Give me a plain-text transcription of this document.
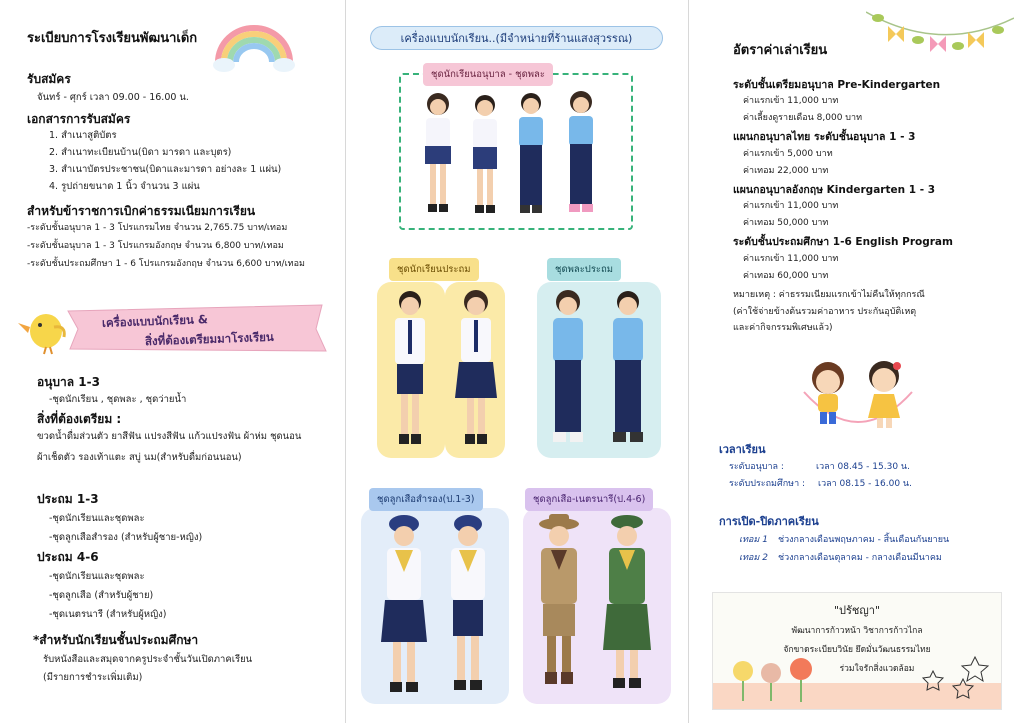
ระเบียบการโรงเรียนพัฒนาเด็ก
รับสมัคร
จันทร์ - ศุกร์ เวลา 09.00 - 16.00 น.
เอกสารการรับสมัคร
1. สำเนาสูติบัตร
2. สำเนาทะเบียนบ้าน(บิดา มารดา และบุตร)
3. สำเนาบัตรประชาชน(บิดาและมารดา อย่างละ 1 แผ่น)
4. รูปถ่ายขนาด 1 นิ้ว จำนวน 3 แผ่น
สำหรับข้าราชการเบิกค่าธรรมเนียมการเรียน
-ระดับชั้นอนุบาล 1 - 3 โปรแกรมไทย จำนวน 2,765.75 บาท/เทอม
-ระดับชั้นอนุบาล 1 - 3 โปรแกรมอังกฤษ จำนวน 6,800 บาท/เทอม
-ระดับชั้นประถมศึกษา 1 - 6 โปรแกรมอังกฤษ จำนวน 6,600 บาท/เทอม
เครื่องแบบนักเรียน &
สิ่งที่ต้องเตรียมมาโรงเรียน
อนุบาล 1-3
-ชุดนักเรียน , ชุดพละ , ชุดว่ายน้ำ
สิ่งที่ต้องเตรียม :
ขวดน้ำดื่มส่วนตัว ยาสีฟัน แปรงสีฟัน แก้วแปรงฟัน ผ้าห่ม ชุดนอน
ผ้าเช็ดตัว รองเท้าแตะ สบู่ นม(สำหรับดื่มก่อนนอน)
ประถม 1-3
-ชุดนักเรียนและชุดพละ
-ชุดลูกเสือสำรอง (สำหรับผู้ชาย-หญิง)
ประถม 4-6
-ชุดนักเรียนและชุดพละ
-ชุดลูกเสือ (สำหรับผู้ชาย)
-ชุดเนตรนารี (สำหรับผู้หญิง)
*สำหรับนักเรียนชั้นประถมศึกษา
รับหนังสือและสมุดจากครูประจำชั้นวันเปิดภาคเรียน
(มีรายการชำระเพิ่มเติม)
เครื่องแบบนักเรียน..(มีจำหน่ายที่ร้านแสงสุวรรณ)
ชุดนักเรียนอนุบาล - ชุดพละ
ชุดนักเรียนประถม	ชุดพละประถม
ชุดลูกเสือสำรอง(ป.1-3)	ชุดลูกเสือ-เนตรนารี(ป.4-6)
อัตราค่าเล่าเรียน
ระดับชั้นเตรียมอนุบาล Pre-Kindergarten
ค่าแรกเข้า 11,000 บาท
ค่าเลี้ยงดูรายเดือน 8,000 บาท
แผนกอนุบาลไทย ระดับชั้นอนุบาล 1 - 3
ค่าแรกเข้า 5,000 บาท
ค่าเทอม 22,000 บาท
แผนกอนุบาลอังกฤษ Kindergarten 1 - 3
ค่าแรกเข้า 11,000 บาท
ค่าเทอม 50,000 บาท
ระดับชั้นประถมศึกษา 1-6 English Program
ค่าแรกเข้า 11,000 บาท
ค่าเทอม 60,000 บาท
หมายเหตุ : ค่าธรรมเนียมแรกเข้าไม่คืนให้ทุกกรณี
(ค่าใช้จ่ายข้างต้นรวมค่าอาหาร ประกันอุบัติเหตุ
และค่ากิจกรรมพิเศษแล้ว)
เวลาเรียน
ระดับอนุบาล :	เวลา 08.45 - 15.30 น.
ระดับประถมศึกษา : เวลา 08.15 - 16.00 น.
การเปิด-ปิดภาคเรียน
เทอม 1 ช่วงกลางเดือนพฤษภาคม - สิ้นเดือนกันยายน
เทอม 2 ช่วงกลางเดือนตุลาคม - กลางเดือนมีนาคม
"ปรัชญา"
พัฒนาการก้าวหน้า วิชาการก้าวไกล
จักขาดระเบียบวินัย ยึดมั่นวัฒนธรรมไทย
ร่วมใจรักสิ่งแวดล้อม
